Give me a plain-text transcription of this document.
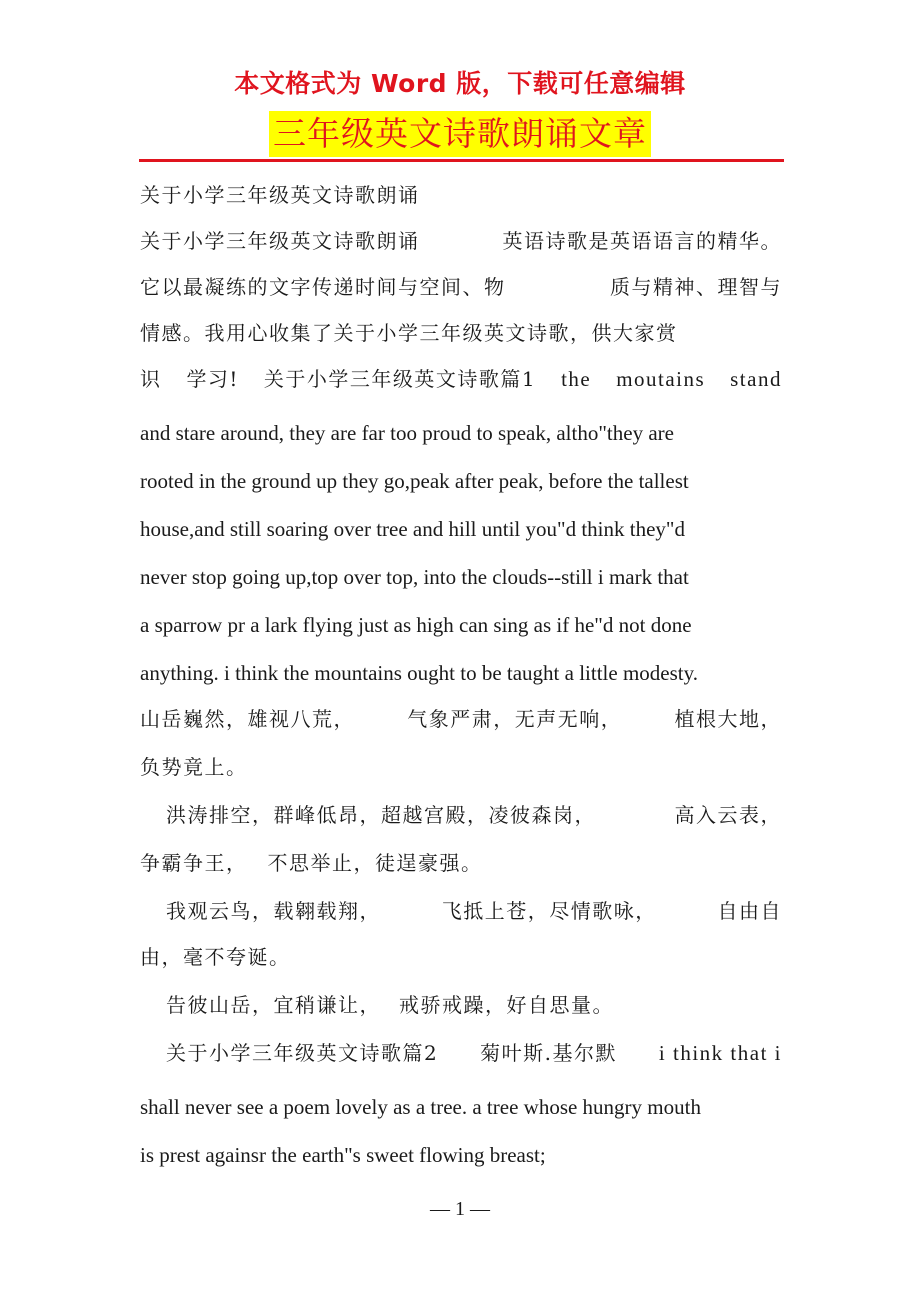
本文格式为 Word 版，下载可任意编辑
三年级英文诗歌朗诵文章
关于小学三年级英文诗歌朗诵
关于小学三年级英文诗歌朗诵	英语诗歌是英语语言的精华。
它以最凝练的文字传递时间与空间、物	质与精神、理智与
情感。我用心收集了关于小学三年级英文诗歌，供大家赏
识 学习! 关于小学三年级英文诗歌篇1 the moutains stand
and stare around, they are far too proud to speak, altho"they are
rooted in the ground up they go,peak after peak, before the tallest
house,and still soaring over tree and hill until you"d think they"d
never stop going up,top over top, into the clouds--still i mark that
a sparrow pr a lark flying just as high can sing as if he"d not done
anything. i think the mountains ought to be taught a little modesty.
山岳巍然，雄视八荒，	气象严肃，无声无响，	植根大地，
负势竟上。
洪涛排空，群峰低昂，超越宫殿，凌彼森岗，	高入云表，
争霸争王， 不思举止，徒逞豪强。
我观云鸟，载翱载翔，	飞抵上苍，尽情歌咏，	自由自
由，毫不夸诞。
告彼山岳，宜稍谦让， 戒骄戒躁，好自思量。
关于小学三年级英文诗歌篇2 菊叶斯.基尔默 i think that i
shall never see a poem lovely as a tree. a tree whose hungry mouth
is prest againsr the earth"s sweet flowing breast;
— 1 —
